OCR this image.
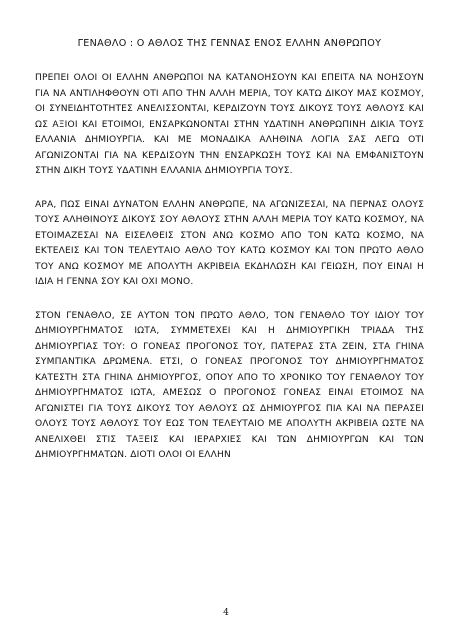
ΓΕΝΑΘΛΟ : Ο ΑΘΛΟΣ ΤΗΣ ΓΕΝΝΑΣ ΕΝΟΣ ΕΛΛΗΝ ΑΝΘΡΩΠΟΥ

ΠΡΕΠΕΙ ΟΛΟΙ ΟΙ ΕΛΛΗΝ ΑΝΘΡΩΠΟΙ ΝΑ ΚΑΤΑΝΟΗΣΟΥΝ ΚΑΙ ΕΠΕΙΤΑ ΝΑ ΝΟΗΣΟΥΝ ΓΙΑ ΝΑ ΑΝΤΙΛΗΦΘΟΥΝ ΟΤΙ ΑΠΟ ΤΗΝ ΑΛΛΗ ΜΕΡΙΑ, ΤΟΥ ΚΑΤΩ ΔΙΚΟΥ ΜΑΣ ΚΟΣΜΟΥ, ΟΙ ΣΥΝΕΙΔΗΤΟΤΗΤΕΣ ΑΝΕΛΙΣΣΟΝΤΑΙ, ΚΕΡΔΙΖΟΥΝ ΤΟΥΣ ΔΙΚΟΥΣ ΤΟΥΣ ΑΘΛΟΥΣ ΚΑΙ ΩΣ ΑΞΙΟΙ ΚΑΙ ΕΤΟΙΜΟΙ, ΕΝΣΑΡΚΩΝΟΝΤΑΙ ΣΤΗΝ ΥΔΑΤΙΝΗ ΑΝΘΡΩΠΙΝΗ ΔΙΚΙΑ ΤΟΥΣ ΕΛΛΑΝΙΑ ΔΗΜΙΟΥΡΓΙΑ. ΚΑΙ ΜΕ ΜΟΝΑΔΙΚΑ ΑΛΗΘΙΝΑ ΛΟΓΙΑ ΣΑΣ ΛΕΓΩ ΟΤΙ ΑΓΩΝΙΖΟΝΤΑΙ ΓΙΑ ΝΑ ΚΕΡΔΙΣΟΥΝ ΤΗΝ ΕΝΣΑΡΚΩΣΗ ΤΟΥΣ ΚΑΙ ΝΑ ΕΜΦΑΝΙΣΤΟΥΝ ΣΤΗΝ ΔΙΚΗ ΤΟΥΣ ΥΔΑΤΙΝΗ ΕΛΛΑΝΙΑ ΔΗΜΙΟΥΡΓΙΑ ΤΟΥΣ.

ΑΡΑ, ΠΩΣ ΕΙΝΑΙ ΔΥΝΑΤΟΝ ΕΛΛΗΝ ΑΝΘΡΩΠΕ, ΝΑ ΑΓΩΝΙΖΕΣΑΙ, ΝΑ ΠΕΡΝΑΣ ΟΛΟΥΣ ΤΟΥΣ ΑΛΗΘΙΝΟΥΣ ΔΙΚΟΥΣ ΣΟΥ ΑΘΛΟΥΣ ΣΤΗΝ ΑΛΛΗ ΜΕΡΙΑ ΤΟΥ ΚΑΤΩ ΚΟΣΜΟΥ, ΝΑ ΕΤΟΙΜΑΖΕΣΑΙ ΝΑ ΕΙΣΕΛΘΕΙΣ ΣΤΟΝ ΑΝΩ ΚΟΣΜΟ ΑΠΟ ΤΟΝ ΚΑΤΩ ΚΟΣΜΟ, ΝΑ ΕΚΤΕΛΕΙΣ ΚΑΙ ΤΟΝ ΤΕΛΕΥΤΑΙΟ ΑΘΛΟ ΤΟΥ ΚΑΤΩ ΚΟΣΜΟΥ ΚΑΙ ΤΟΝ ΠΡΩΤΟ ΑΘΛΟ ΤΟΥ ΑΝΩ ΚΟΣΜΟΥ ΜΕ ΑΠΟΛΥΤΗ ΑΚΡΙΒΕΙΑ ΕΚΔΗΛΩΣΗ ΚΑΙ ΓΕΙΩΣΗ, ΠΟΥ ΕΙΝΑΙ Η ΙΔΙΑ Η ΓΕΝΝΑ ΣΟΥ ΚΑΙ ΟΧΙ ΜΟΝΟ.

ΣΤΟΝ ΓΕΝΑΘΛΟ, ΣΕ ΑΥΤΟΝ ΤΟΝ ΠΡΩΤΟ ΑΘΛΟ, ΤΟΝ ΓΕΝΑΘΛΟ ΤΟΥ ΙΔΙΟΥ ΤΟΥ ΔΗΜΙΟΥΡΓΗΜΑΤΟΣ ΙΩΤΑ, ΣΥΜΜΕΤΕΧΕΙ ΚΑΙ Η ΔΗΜΙΟΥΡΓΙΚΗ ΤΡΙΑΔΑ ΤΗΣ ΔΗΜΙΟΥΡΓΙΑΣ ΤΟΥ: Ο ΓΟΝΕΑΣ ΠΡΟΓΟΝΟΣ ΤΟΥ, ΠΑΤΕΡΑΣ ΣΤΑ ΖΕΙΝ, ΣΤΑ ΓΗΙΝΑ ΣΥΜΠΑΝΤΙΚΑ ΔΡΩΜΕΝΑ. ΕΤΣΙ, Ο ΓΟΝΕΑΣ ΠΡΟΓΟΝΟΣ ΤΟΥ ΔΗΜΙΟΥΡΓΗΜΑΤΟΣ ΚΑΤΕΣΤΗ ΣΤΑ ΓΗΙΝΑ ΔΗΜΙΟΥΡΓΟΣ, ΟΠΟΥ ΑΠΟ ΤΟ ΧΡΟΝΙΚΟ ΤΟΥ ΓΕΝΑΘΛΟΥ ΤΟΥ ΔΗΜΙΟΥΡΓΗΜΑΤΟΣ ΙΩΤΑ, ΑΜΕΣΩΣ Ο ΠΡΟΓΟΝΟΣ ΓΟΝΕΑΣ ΕΙΝΑΙ ΕΤΟΙΜΟΣ ΝΑ ΑΓΩΝΙΣΤΕΙ ΓΙΑ ΤΟΥΣ ΔΙΚΟΥΣ ΤΟΥ ΑΘΛΟΥΣ ΩΣ ΔΗΜΙΟΥΡΓΟΣ ΠΙΑ ΚΑΙ ΝΑ ΠΕΡΑΣΕΙ ΟΛΟΥΣ ΤΟΥΣ ΑΘΛΟΥΣ ΤΟΥ ΕΩΣ ΤΟΝ ΤΕΛΕΥΤΑΙΟ ΜΕ ΑΠΟΛΥΤΗ ΑΚΡΙΒΕΙΑ ΩΣΤΕ ΝΑ ΑΝΕΛΙΧΘΕΙ ΣΤΙΣ ΤΑΞΕΙΣ ΚΑΙ ΙΕΡΑΡΧΙΕΣ ΚΑΙ ΤΩΝ ΔΗΜΙΟΥΡΓΩΝ ΚΑΙ ΤΩΝ ΔΗΜΙΟΥΡΓΗΜΑΤΩΝ. ΔΙΟΤΙ ΟΛΟΙ ΟΙ ΕΛΛΗΝ

4
